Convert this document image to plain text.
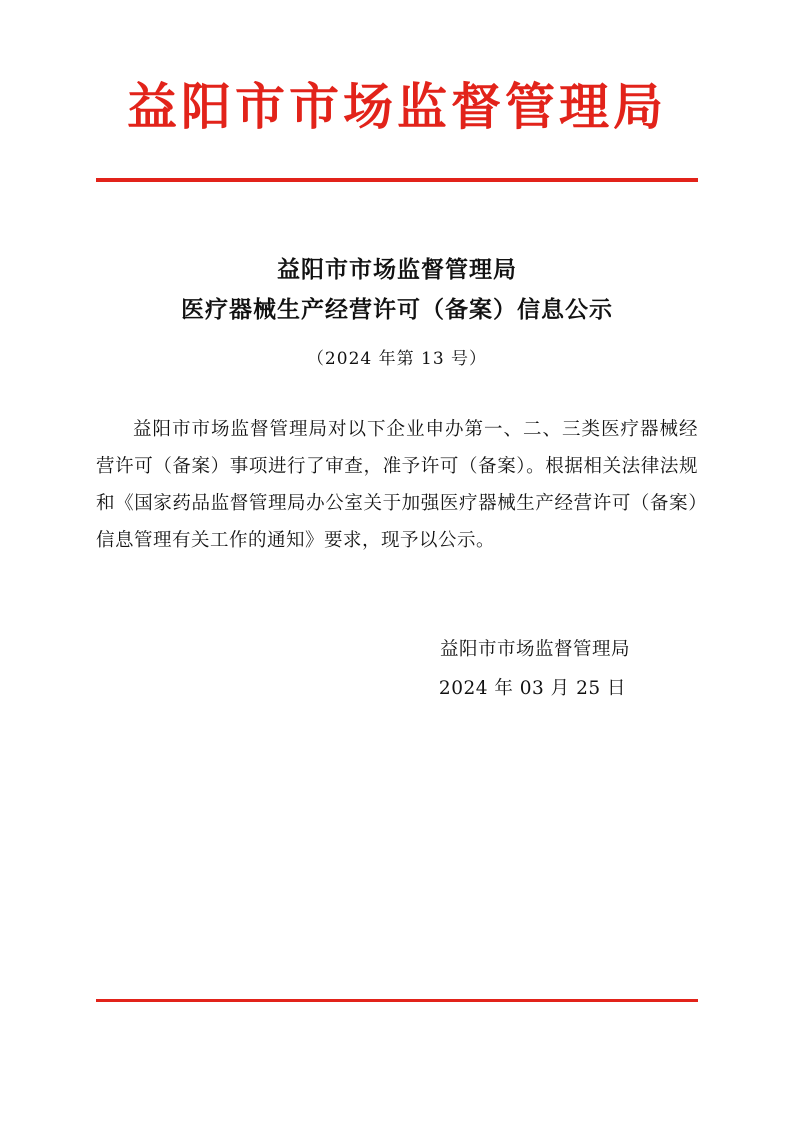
益阳市市场监督管理局
益阳市市场监督管理局
医疗器械生产经营许可（备案）信息公示
（2024 年第 13 号）

益阳市市场监督管理局对以下企业申办第一、二、三类医疗器械经营许可（备案）事项进行了审查，准予许可（备案）。根据相关法律法规和《国家药品监督管理局办公室关于加强医疗器械生产经营许可（备案）信息管理有关工作的通知》要求，现予以公示。

益阳市市场监督管理局
2024 年 03 月 25 日
